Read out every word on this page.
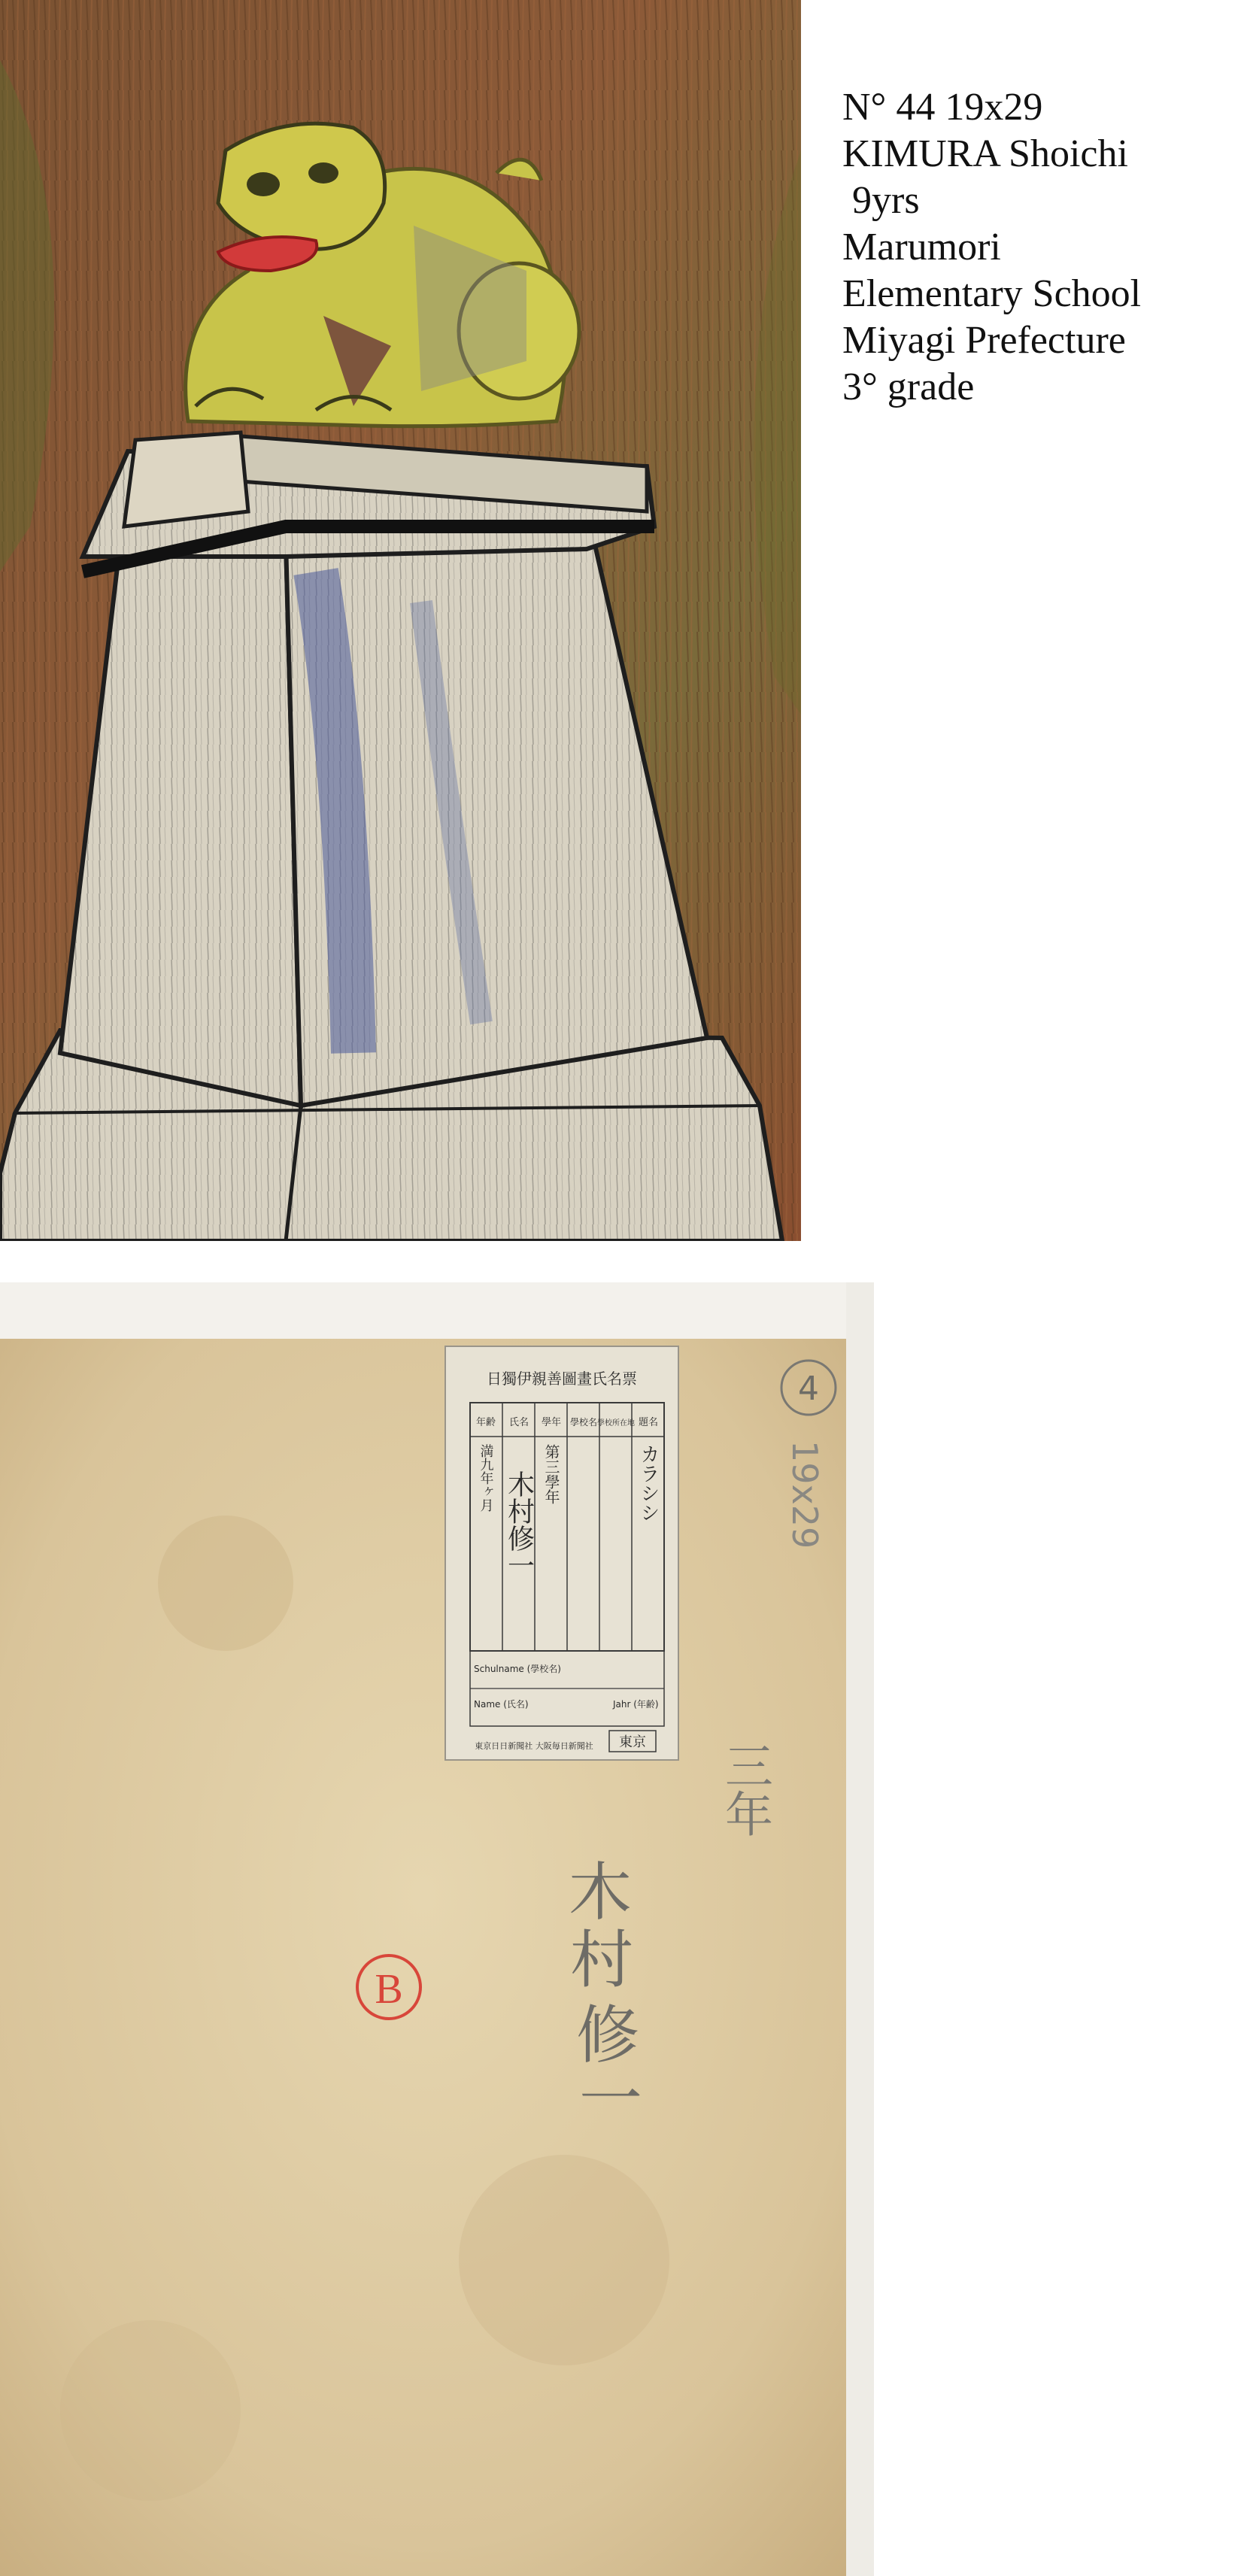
N° 44 19x29
KIMURA Shoichi
9yrs
Marumori
Elementary School
Miyagi Prefecture
3° grade
日獨伊親善圖畫氏名票
題名
學校所在地
學校名
學年
氏名
年齢
カラシシ
第三學年
木村修一
満九年ヶ月
Schulname (學校名)
Name (氏名)	Jahr (年齢)
東京
東京日日新聞社 大阪毎日新聞社
4
19x29
三年
木
村
修
一
B
